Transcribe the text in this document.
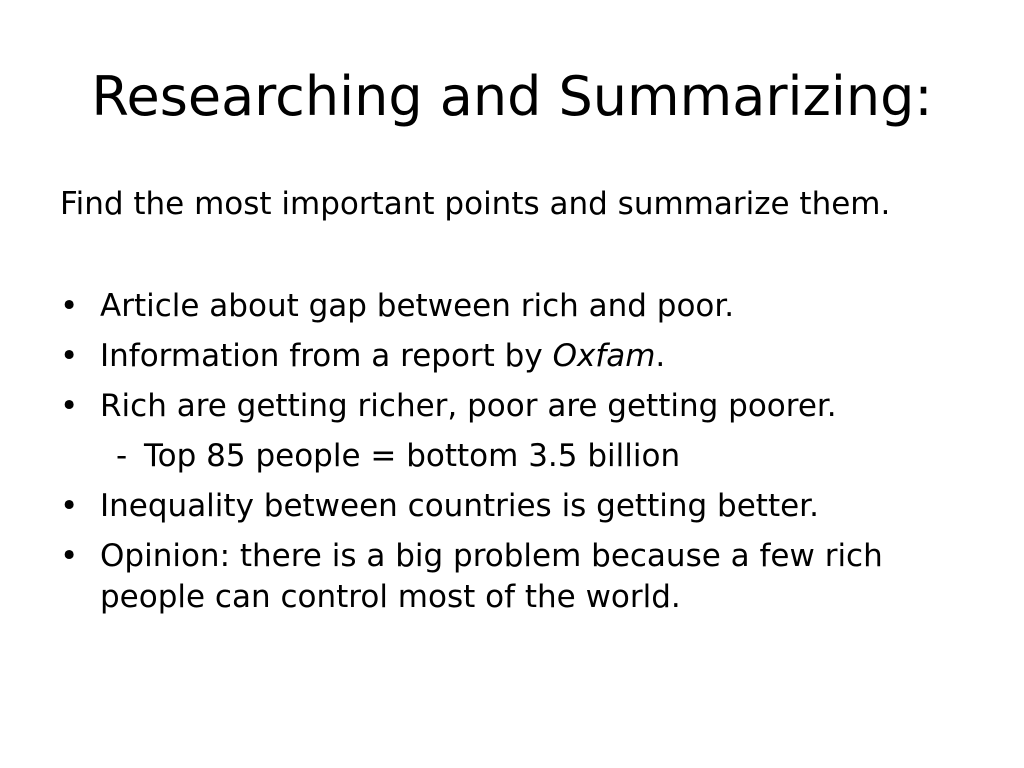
Researching and Summarizing:

Find the most important points and summarize them.

• Article about gap between rich and poor.
• Information from a report by Oxfam.
• Rich are getting richer, poor are getting poorer.
- Top 85 people = bottom 3.5 billion
• Inequality between countries is getting better.
• Opinion: there is a big problem because a few rich people can control most of the world.
